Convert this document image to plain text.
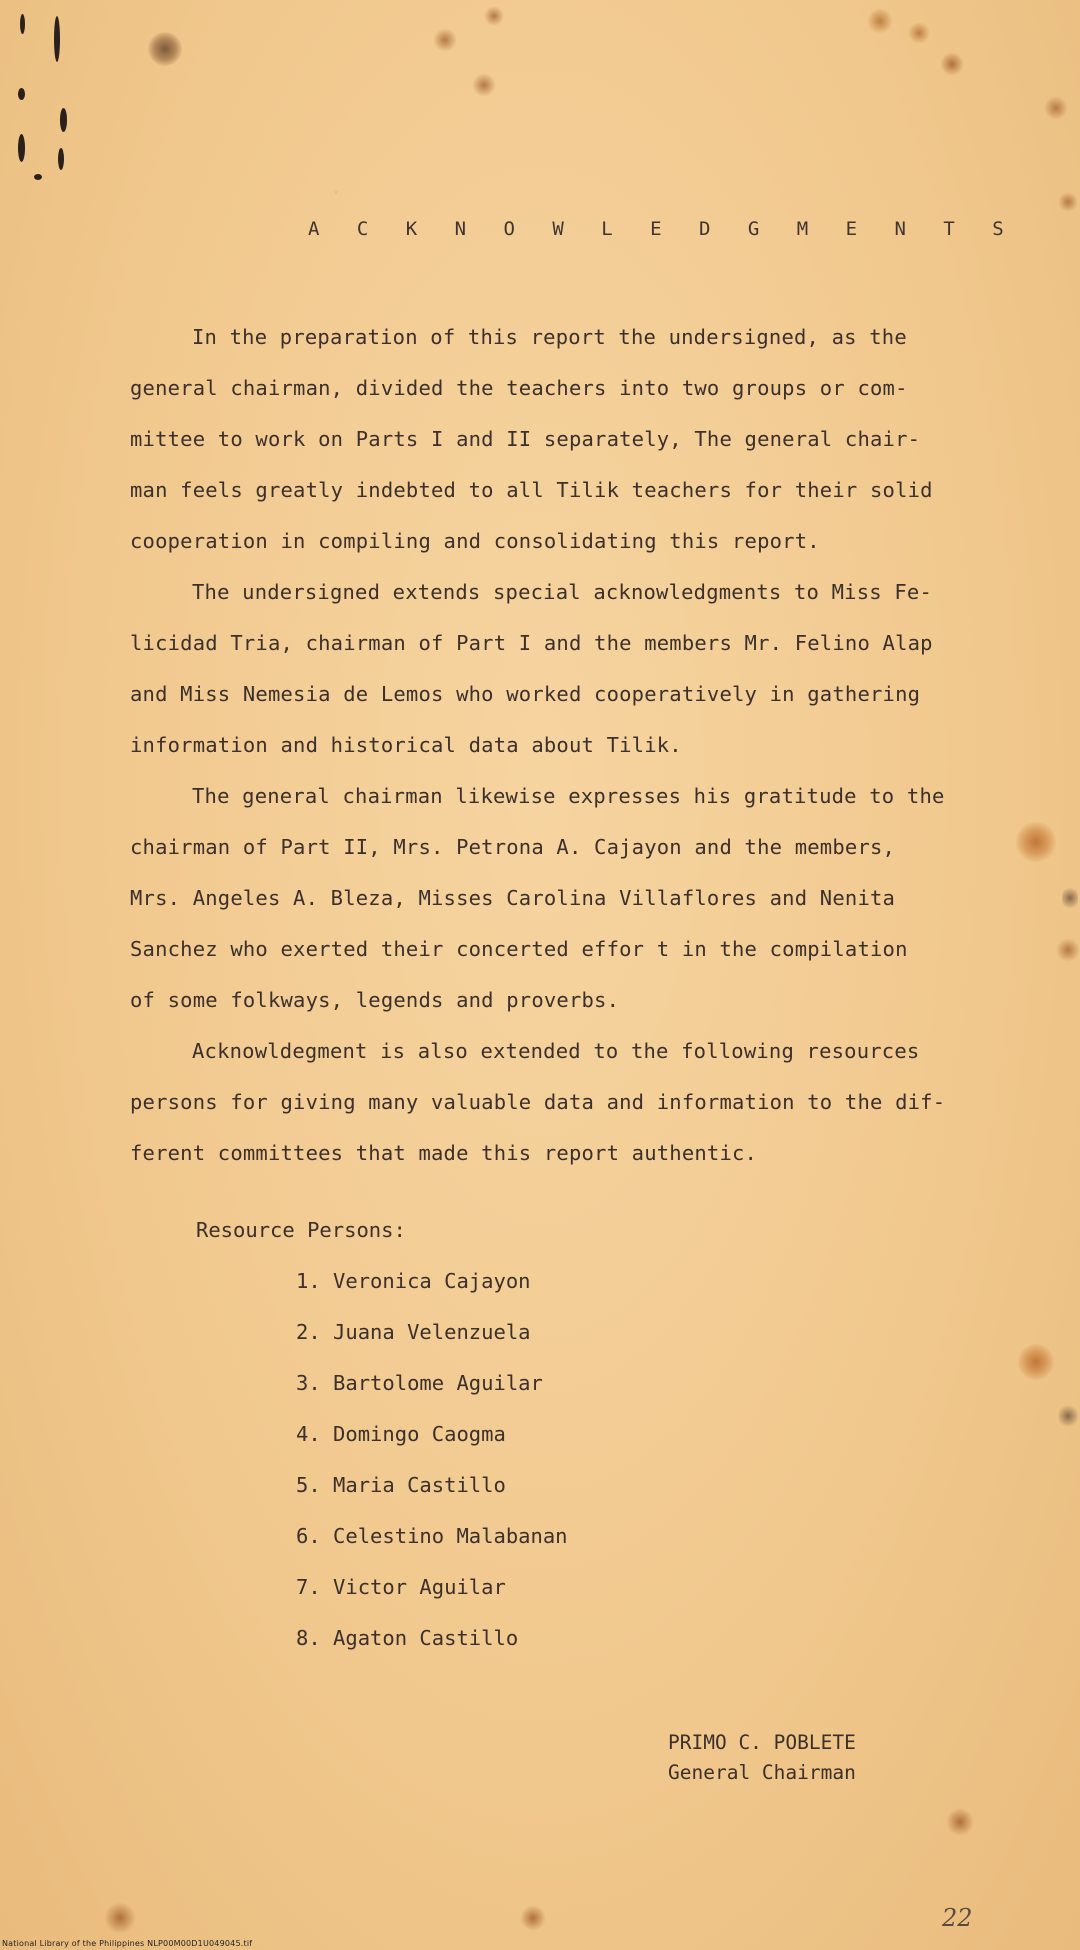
.
A C K N O W L E D G M E N T S

In the preparation of this report the undersigned, as the

general chairman, divided the teachers into two groups or com-

mittee to work on Parts I and II separately, The general chair-

man feels greatly indebted to all Tilik teachers for their solid

cooperation in compiling and consolidating this report.

The undersigned extends special acknowledgments to Miss Fe-

licidad Tria, chairman of Part I and the members Mr. Felino Alap

and Miss Nemesia de Lemos who worked cooperatively in gathering

information and historical data about Tilik.

The general chairman likewise expresses his gratitude to the

chairman of Part II, Mrs. Petrona A. Cajayon and the members,

Mrs. Angeles A. Bleza, Misses Carolina Villaflores and Nenita

Sanchez who exerted their concerted effor t in the compilation

of some folkways, legends and proverbs.

Acknowldegment is also extended to the following resources

persons for giving many valuable data and information to the dif-

ferent committees that made this report authentic.

Resource Persons:

1. Veronica Cajayon
2. Juana Velenzuela
3. Bartolome Aguilar
4. Domingo Caogma
5. Maria Castillo
6. Celestino Malabanan
7. Victor Aguilar
8. Agaton Castillo
PRIMO C. POBLETE
General Chairman
National Library of the Philippines NLP00M00D1U049045.tif
22
